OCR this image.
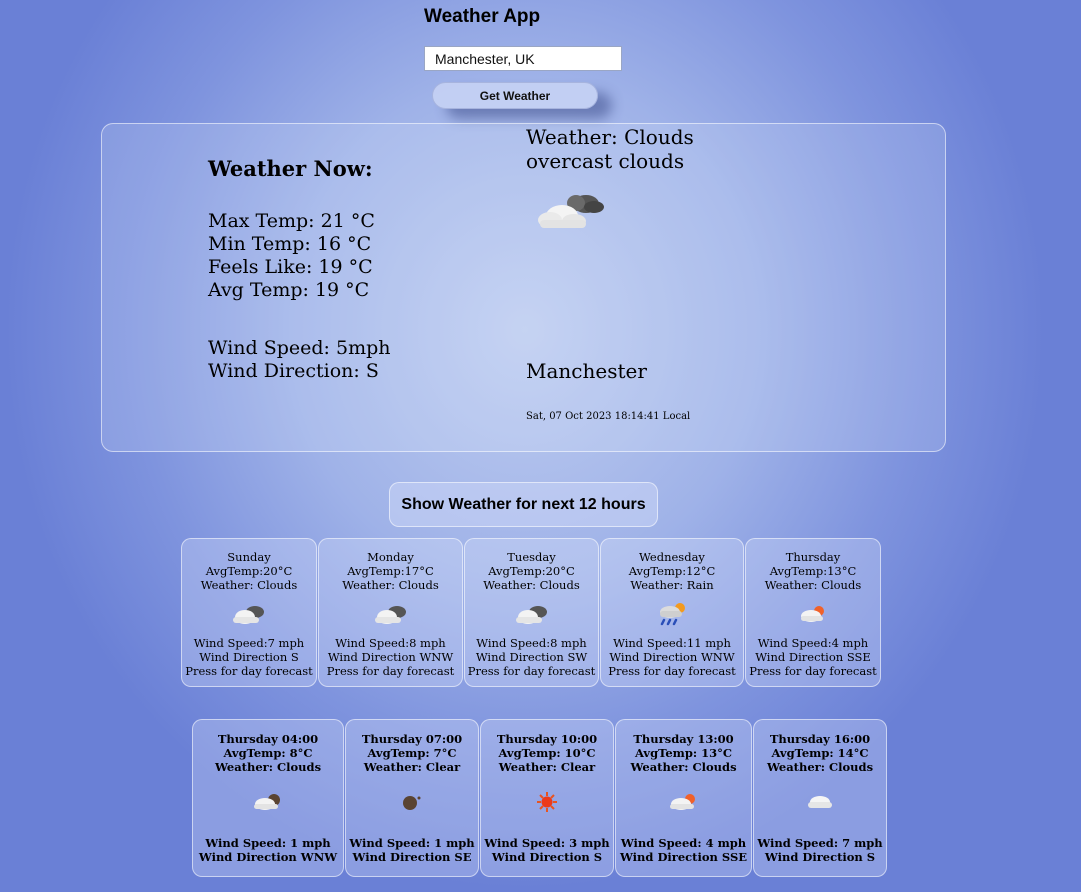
Weather App
Manchester, UK
Get Weather
Weather Now:
Max Temp: 21 °C
Min Temp: 16 °C
Feels Like: 19 °C
Avg Temp: 19 °C
Wind Speed: 5mph
Wind Direction: S
Weather: Clouds
overcast clouds
Manchester
Sat, 07 Oct 2023 18:14:41 Local
Show Weather for next 12 hours
Sunday
AvgTemp:20°C
Weather: Clouds
Wind Speed:7 mph
Wind Direction S
Press for day forecast
Monday
AvgTemp:17°C
Weather: Clouds
Wind Speed:8 mph
Wind Direction WNW
Press for day forecast
Tuesday
AvgTemp:20°C
Weather: Clouds
Wind Speed:8 mph
Wind Direction SW
Press for day forecast
Wednesday
AvgTemp:12°C
Weather: Rain
Wind Speed:11 mph
Wind Direction WNW
Press for day forecast
Thursday
AvgTemp:13°C
Weather: Clouds
Wind Speed:4 mph
Wind Direction SSE
Press for day forecast
Thursday 04:00
AvgTemp: 8°C
Weather: Clouds
Wind Speed: 1 mph
Wind Direction WNW
Thursday 07:00
AvgTemp: 7°C
Weather: Clear
Wind Speed: 1 mph
Wind Direction SE
Thursday 10:00
AvgTemp: 10°C
Weather: Clear
Wind Speed: 3 mph
Wind Direction S
Thursday 13:00
AvgTemp: 13°C
Weather: Clouds
Wind Speed: 4 mph
Wind Direction SSE
Thursday 16:00
AvgTemp: 14°C
Weather: Clouds
Wind Speed: 7 mph
Wind Direction S
